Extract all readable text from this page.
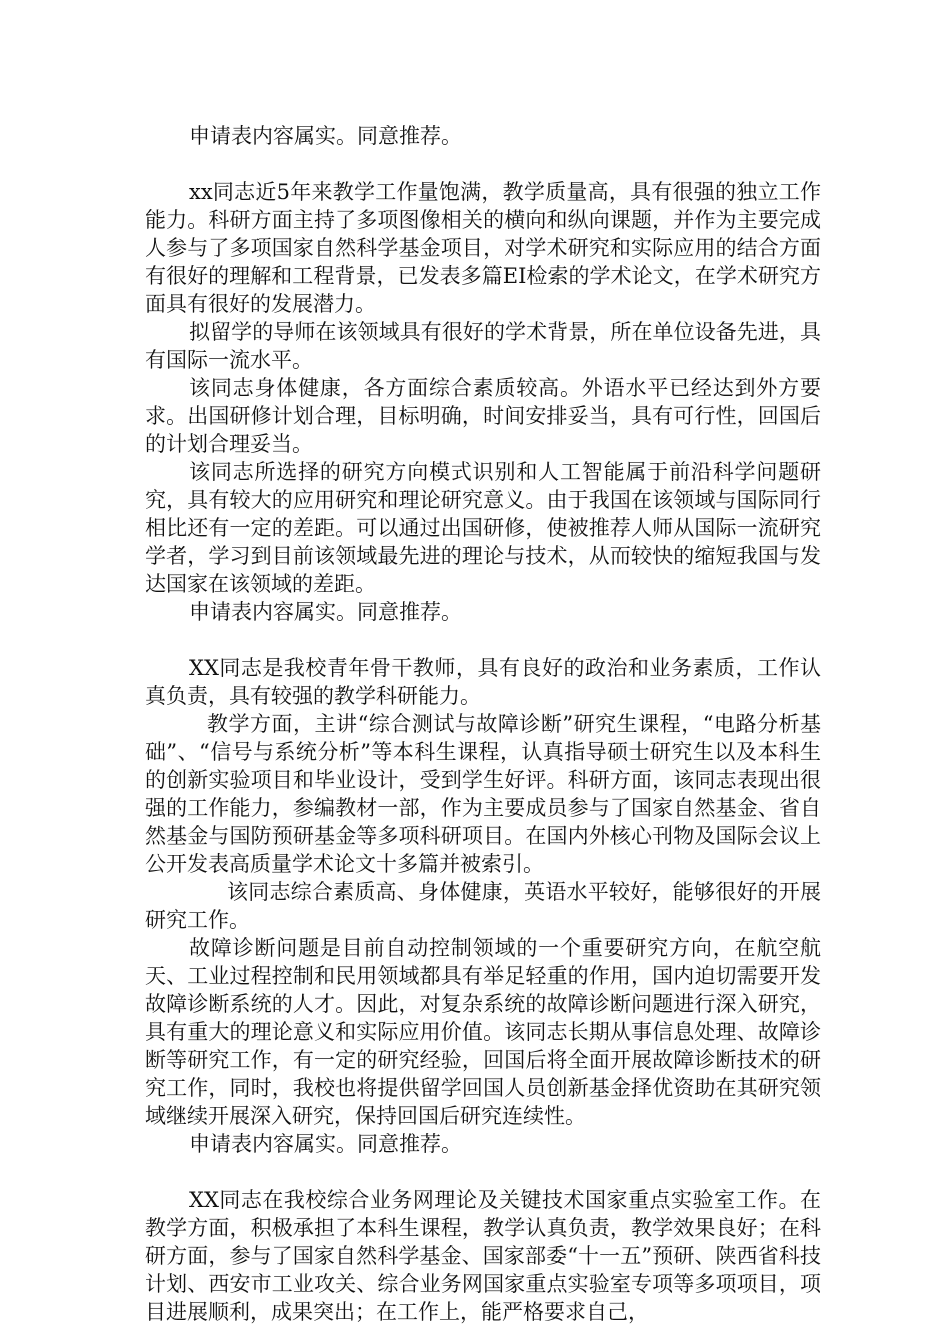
申请表内容属实。同意推荐。

xx同志近5年来教学工作量饱满，教学质量高，具有很强的独立工作能力。科研方面主持了多项图像相关的横向和纵向课题，并作为主要完成人参与了多项国家自然科学基金项目，对学术研究和实际应用的结合方面有很好的理解和工程背景，已发表多篇EI检索的学术论文，在学术研究方面具有很好的发展潜力。

拟留学的导师在该领域具有很好的学术背景，所在单位设备先进，具有国际一流水平。

该同志身体健康，各方面综合素质较高。外语水平已经达到外方要求。出国研修计划合理，目标明确，时间安排妥当，具有可行性，回国后的计划合理妥当。

该同志所选择的研究方向模式识别和人工智能属于前沿科学问题研究，具有较大的应用研究和理论研究意义。由于我国在该领域与国际同行相比还有一定的差距。可以通过出国研修，使被推荐人师从国际一流研究学者，学习到目前该领域最先进的理论与技术，从而较快的缩短我国与发达国家在该领域的差距。

申请表内容属实。同意推荐。

XX同志是我校青年骨干教师，具有良好的政治和业务素质，工作认真负责，具有较强的教学科研能力。

教学方面，主讲“综合测试与故障诊断”研究生课程，“电路分析基础”、“信号与系统分析”等本科生课程，认真指导硕士研究生以及本科生的创新实验项目和毕业设计，受到学生好评。科研方面，该同志表现出很强的工作能力，参编教材一部，作为主要成员参与了国家自然基金、省自然基金与国防预研基金等多项科研项目。在国内外核心刊物及国际会议上公开发表高质量学术论文十多篇并被索引。

该同志综合素质高、身体健康，英语水平较好，能够很好的开展研究工作。

故障诊断问题是目前自动控制领域的一个重要研究方向，在航空航天、工业过程控制和民用领域都具有举足轻重的作用，国内迫切需要开发故障诊断系统的人才。因此，对复杂系统的故障诊断问题进行深入研究，具有重大的理论意义和实际应用价值。该同志长期从事信息处理、故障诊断等研究工作，有一定的研究经验，回国后将全面开展故障诊断技术的研究工作，同时，我校也将提供留学回国人员创新基金择优资助在其研究领域继续开展深入研究，保持回国后研究连续性。

申请表内容属实。同意推荐。

XX同志在我校综合业务网理论及关键技术国家重点实验室工作。在教学方面，积极承担了本科生课程，教学认真负责，教学效果良好；在科研方面，参与了国家自然科学基金、国家部委“十一五”预研、陕西省科技计划、西安市工业攻关、综合业务网国家重点实验室专项等多项项目，项目进展顺利，成果突出；在工作上，能严格要求自己，
